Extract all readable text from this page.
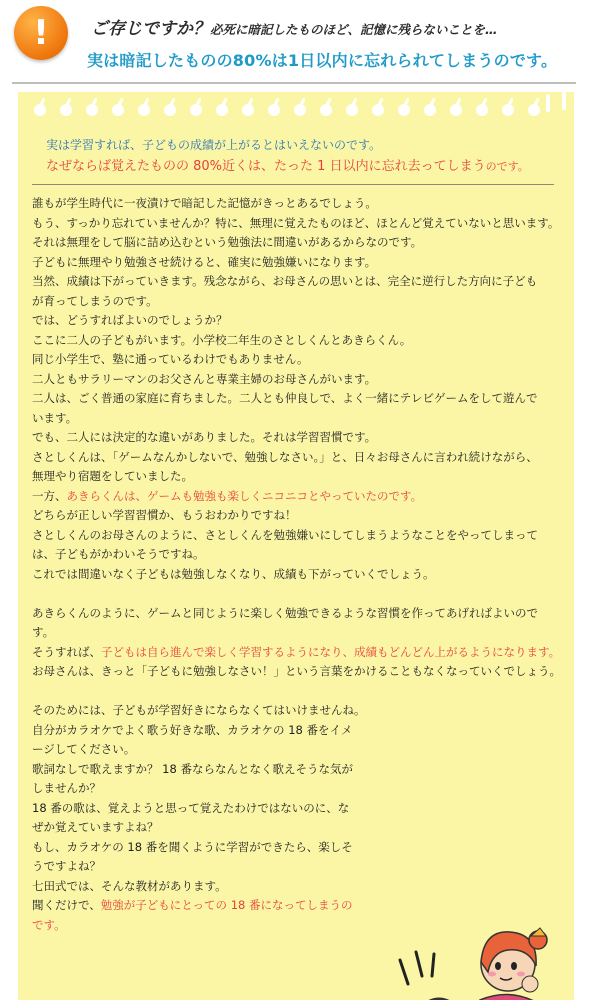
! ご存じですか？必死に暗記したものほど、記憶に残らないことを…
実は暗記したものの80%は1日以内に忘れられてしまうのです。
実は学習すれば、子どもの成績が上がるとはいえないのです。
なぜならば覚えたものの 80%近くは、たった 1 日以内に忘れ去ってしまうのです。

誰もが学生時代に一夜漬けで暗記した記憶がきっとあるでしょう。

もう、すっかり忘れていませんか？特に、無理に覚えたものほど、ほとんど覚えていないと思います。

それは無理をして脳に詰め込むという勉強法に間違いがあるからなのです。

子どもに無理やり勉強させ続けると、確実に勉強嫌いになります。

当然、成績は下がっていきます。残念ながら、お母さんの思いとは、完全に逆行した方向に子ども

が育ってしまうのです。

では、どうすればよいのでしょうか？

ここに二人の子どもがいます。小学校二年生のさとしくんとあきらくん。

同じ小学生で、塾に通っているわけでもありません。

二人ともサラリーマンのお父さんと専業主婦のお母さんがいます。

二人は、ごく普通の家庭に育ちました。二人とも仲良しで、よく一緒にテレビゲームをして遊んで

います。

でも、二人には決定的な違いがありました。それは学習習慣です。

さとしくんは、「ゲームなんかしないで、勉強しなさい。」と、日々お母さんに言われ続けながら、

無理やり宿題をしていました。

一方、あきらくんは、ゲームも勉強も楽しくニコニコとやっていたのです。

どちらが正しい学習習慣か、もうおわかりですね！

さとしくんのお母さんのように、さとしくんを勉強嫌いにしてしまうようなことをやってしまって

は、子どもがかわいそうですね。

これでは間違いなく子どもは勉強しなくなり、成績も下がっていくでしょう。

あきらくんのように、ゲームと同じように楽しく勉強できるような習慣を作ってあげればよいので

す。

そうすれば、子どもは自ら進んで楽しく学習するようになり、成績もどんどん上がるようになります。

お母さんは、きっと「子どもに勉強しなさい！」という言葉をかけることもなくなっていくでしょう。

そのためには、子どもが学習好きにならなくてはいけませんね。

自分がカラオケでよく歌う好きな歌、カラオケの 18 番をイメ

ージしてください。

歌詞なしで歌えますか？ 18 番ならなんとなく歌えそうな気が

しませんか？

18 番の歌は、覚えようと思って覚えたわけではないのに、な

ぜか覚えていますよね？

もし、カラオケの 18 番を聞くように学習ができたら、楽しそ

うですよね？

七田式では、そんな教材があります。

聞くだけで、勉強が子どもにとっての 18 番になってしまうの

です。
